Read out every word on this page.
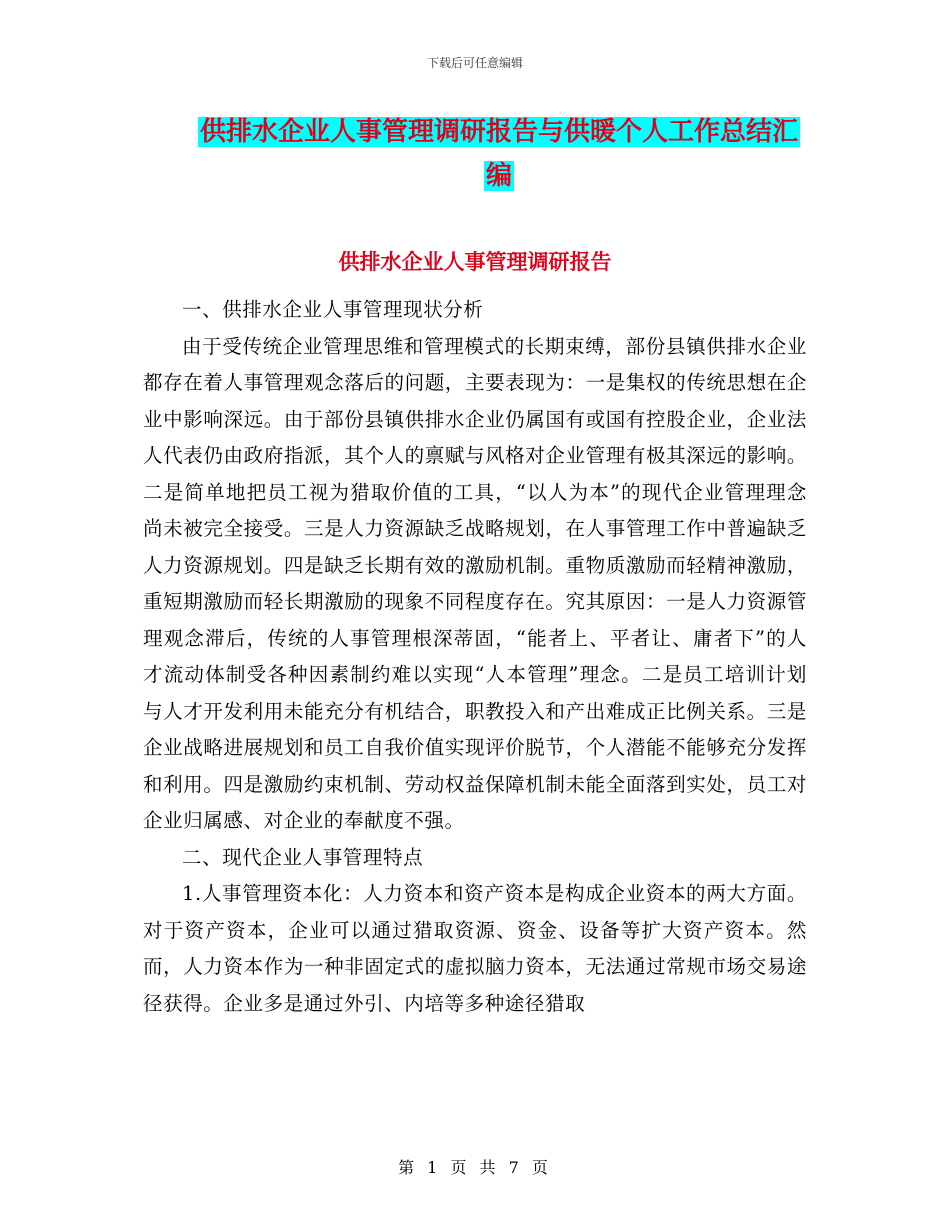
下载后可任意编辑
供排水企业人事管理调研报告与供暖个人工作总结汇编
供排水企业人事管理调研报告

一、供排水企业人事管理现状分析

由于受传统企业管理思维和管理模式的长期束缚，部份县镇供排水企业都存在着人事管理观念落后的问题，主要表现为：一是集权的传统思想在企业中影响深远。由于部份县镇供排水企业仍属国有或国有控股企业，企业法人代表仍由政府指派，其个人的禀赋与风格对企业管理有极其深远的影响。二是简单地把员工视为猎取价值的工具，“以人为本”的现代企业管理理念尚未被完全接受。三是人力资源缺乏战略规划，在人事管理工作中普遍缺乏人力资源规划。四是缺乏长期有效的激励机制。重物质激励而轻精神激励，重短期激励而轻长期激励的现象不同程度存在。究其原因：一是人力资源管理观念滞后，传统的人事管理根深蒂固，“能者上、平者让、庸者下”的人才流动体制受各种因素制约难以实现“人本管理”理念。二是员工培训计划与人才开发利用未能充分有机结合，职教投入和产出难成正比例关系。三是企业战略进展规划和员工自我价值实现评价脱节，个人潜能不能够充分发挥和利用。四是激励约束机制、劳动权益保障机制未能全面落到实处，员工对企业归属感、对企业的奉献度不强。

二、现代企业人事管理特点

1.人事管理资本化：人力资本和资产资本是构成企业资本的两大方面。对于资产资本，企业可以通过猎取资源、资金、设备等扩大资产资本。然而，人力资本作为一种非固定式的虚拟脑力资本，无法通过常规市场交易途径获得。企业多是通过外引、内培等多种途径猎取

第 1 页 共 7 页
